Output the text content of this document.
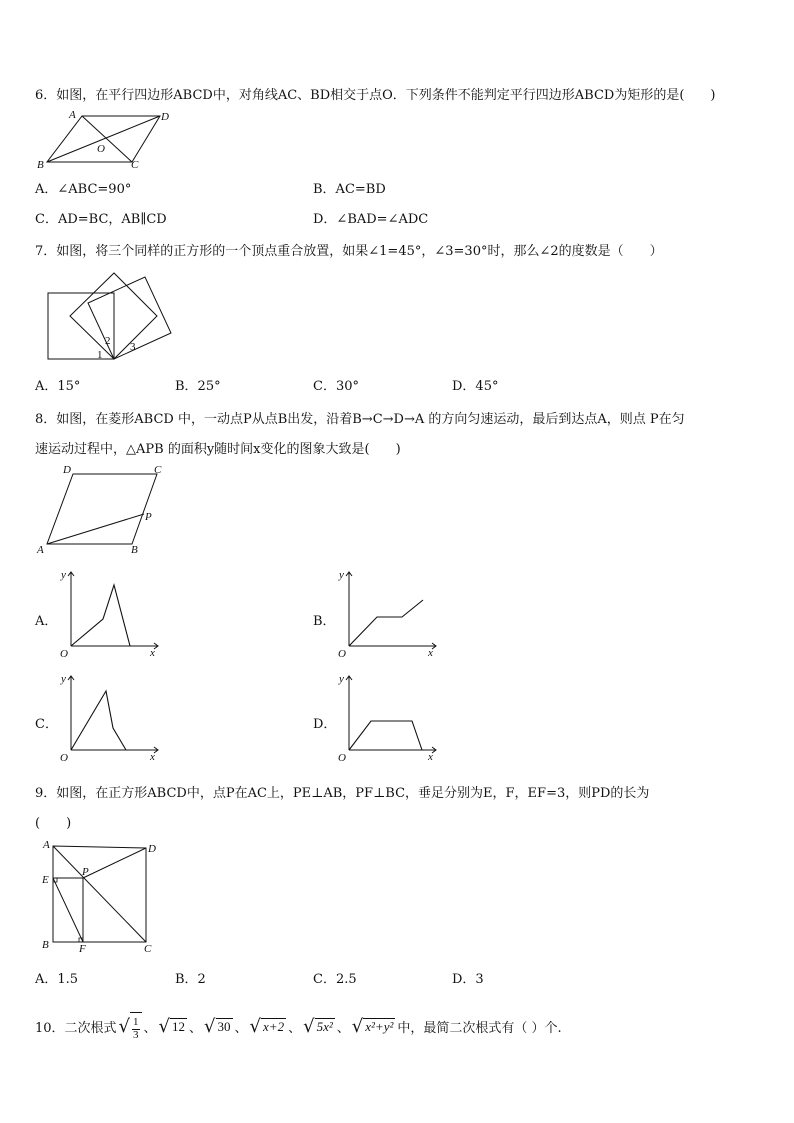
6．如图，在平行四边形ABCD中，对角线AC、BD相交于点O．下列条件不能判定平行四边形ABCD为矩形的是(　　)
A	D
B	C
O
A．∠ABC=90°	B．AC=BD
C．AD=BC，AB∥CD	D．∠BAD=∠ADC
7．如图，将三个同样的正方形的一个顶点重合放置，如果∠1=45°，∠3=30°时，那么∠2的度数是（　　）
1
2 3
A．15°	B．25°	C．30°	D．45°
8．如图，在菱形ABCD 中，一动点P从点B出发，沿着B→C→D→A 的方向匀速运动，最后到达点A，则点 P在匀
速运动过程中，△APB 的面积y随时间x变化的图象大致是(　　)
D	C
P
A	B
A．
y
x
O
B．
y
x
O
C．
y
x
O
D．
y
x
O
9．如图，在正方形ABCD中，点P在AC上，PE⊥AB，PF⊥BC，垂足分别为E，F，EF=3，则PD的长为
(　　)
A	D
E
P
B	F	C
A．1.5	B．2	C．2.5	D．3
10．二次根式 √ $\frac{1}{3}$ 、 √ 12 、 √ 30 、 √ x+2 、 √ 5x² 、 √ x²+y² 中，最简二次根式有（ ）个.
